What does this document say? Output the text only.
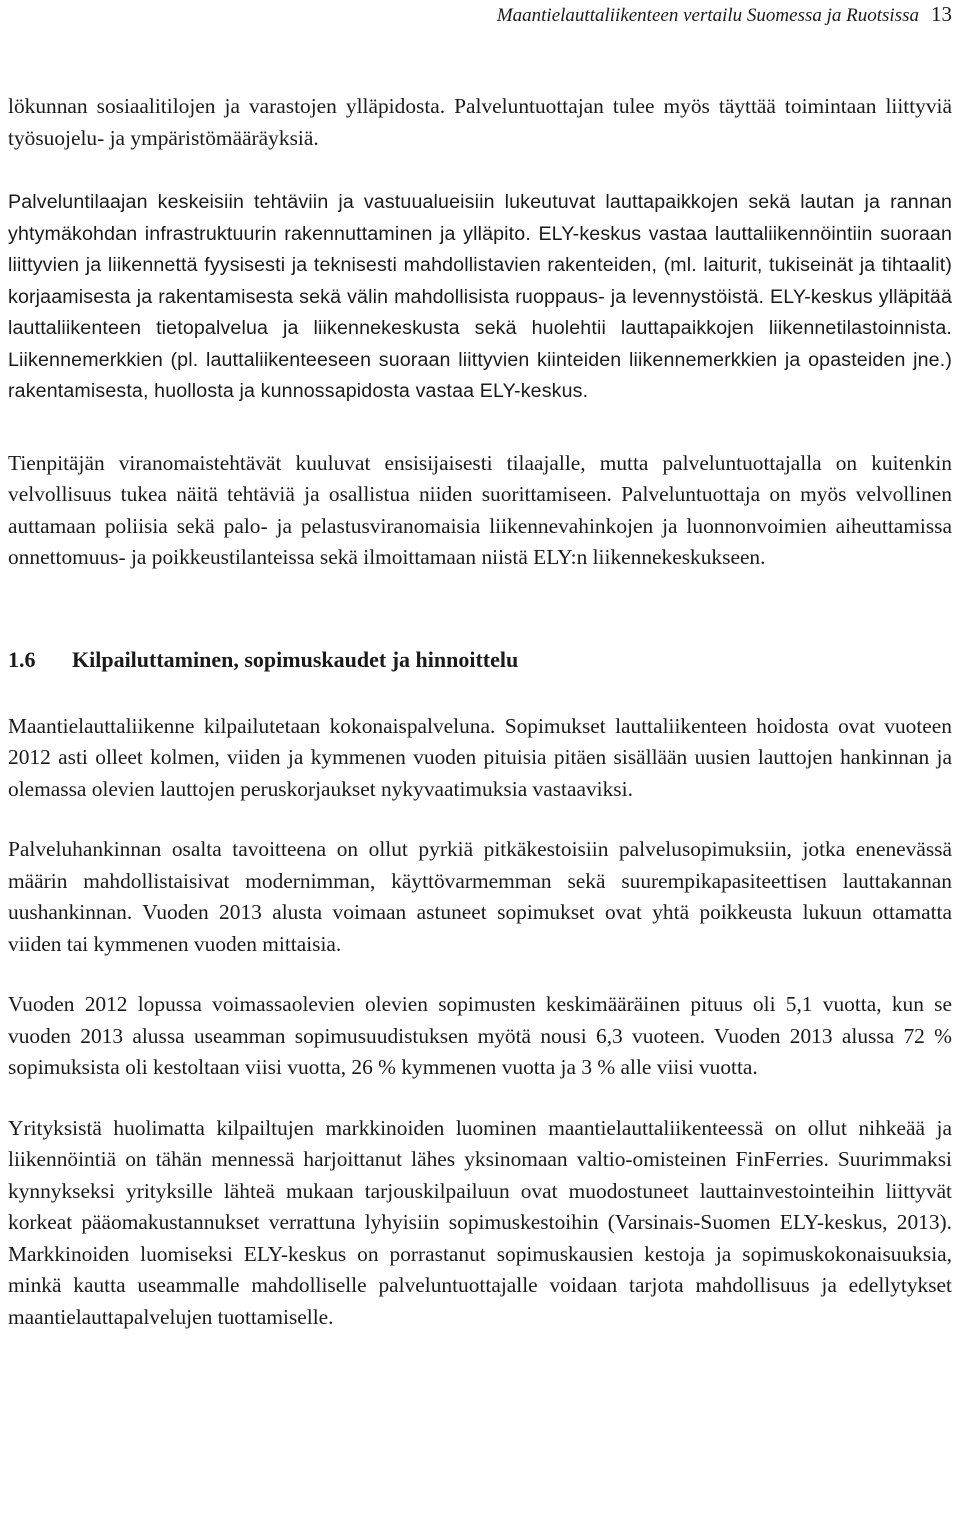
Maantielauttaliikenteen vertailu Suomessa ja Ruotsissa 13

lökunnan sosiaalitilojen ja varastojen ylläpidosta. Palveluntuottajan tulee myös täyttää toimintaan liittyviä työsuojelu- ja ympäristömääräyksiä.

Palveluntilaajan keskeisiin tehtäviin ja vastuualueisiin lukeutuvat lauttapaikkojen sekä lautan ja rannan yhtymäkohdan infrastruktuurin rakennuttaminen ja ylläpito. ELY-keskus vastaa lauttaliikennöintiin suoraan liittyvien ja liikennettä fyysisesti ja teknisesti mahdollistavien rakenteiden, (ml. laiturit, tukiseinät ja tihtaalit) korjaamisesta ja rakentamisesta sekä välin mahdollisista ruoppaus- ja levennystöistä. ELY-keskus ylläpitää lauttaliikenteen tietopalvelua ja liikennekeskusta sekä huolehtii lauttapaikkojen liikennetilastoinnista. Liikennemerkkien (pl. lauttaliikenteeseen suoraan liittyvien kiinteiden liikennemerkkien ja opasteiden jne.) rakentamisesta, huollosta ja kunnossapidosta vastaa ELY-keskus.

Tienpitäjän viranomaistehtävät kuuluvat ensisijaisesti tilaajalle, mutta palveluntuottajalla on kuitenkin velvollisuus tukea näitä tehtäviä ja osallistua niiden suorittamiseen. Palveluntuottaja on myös velvollinen auttamaan poliisia sekä palo- ja pelastusviranomaisia liikennevahinkojen ja luonnonvoimien aiheuttamissa onnettomuus- ja poikkeustilanteissa sekä ilmoittamaan niistä ELY:n liikennekeskukseen.

1.6 Kilpailuttaminen, sopimuskaudet ja hinnoittelu

Maantielauttaliikenne kilpailutetaan kokonaispalveluna. Sopimukset lauttaliikenteen hoidosta ovat vuoteen 2012 asti olleet kolmen, viiden ja kymmenen vuoden pituisia pitäen sisällään uusien lauttojen hankinnan ja olemassa olevien lauttojen peruskorjaukset nykyvaatimuksia vastaaviksi.

Palveluhankinnan osalta tavoitteena on ollut pyrkiä pitkäkestoisiin palvelusopimuksiin, jotka enenevässä määrin mahdollistaisivat modernimman, käyttövarmemman sekä suurempikapasiteettisen lauttakannan uushankinnan. Vuoden 2013 alusta voimaan astuneet sopimukset ovat yhtä poikkeusta lukuun ottamatta viiden tai kymmenen vuoden mittaisia.

Vuoden 2012 lopussa voimassaolevien olevien sopimusten keskimääräinen pituus oli 5,1 vuotta, kun se vuoden 2013 alussa useamman sopimusuudistuksen myötä nousi 6,3 vuoteen. Vuoden 2013 alussa 72 % sopimuksista oli kestoltaan viisi vuotta, 26 % kymmenen vuotta ja 3 % alle viisi vuotta.

Yrityksistä huolimatta kilpailtujen markkinoiden luominen maantielauttaliikenteessä on ollut nihkeää ja liikennöintiä on tähän mennessä harjoittanut lähes yksinomaan valtio-omisteinen FinFerries. Suurimmaksi kynnykseksi yrityksille lähteä mukaan tarjouskilpailuun ovat muodostuneet lauttainvestointeihin liittyvät korkeat pääomakustannukset verrattuna lyhyisiin sopimuskestoihin (Varsinais-Suomen ELY-keskus, 2013). Markkinoiden luomiseksi ELY-keskus on porrastanut sopimuskausien kestoja ja sopimuskokonaisuuksia, minkä kautta useammalle mahdolliselle palveluntuottajalle voidaan tarjota mahdollisuus ja edellytykset maantielauttapalvelujen tuottamiselle.
